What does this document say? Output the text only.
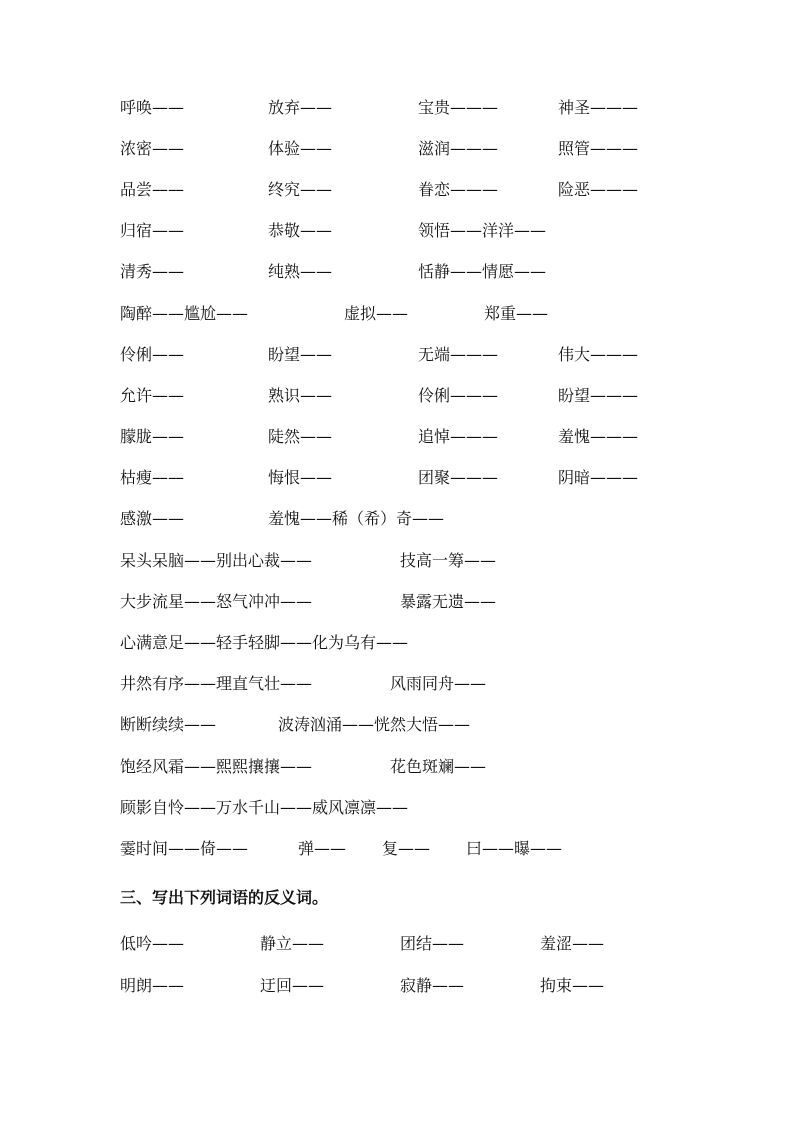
呼唤——	放弃——	宝贵———	神圣———
浓密——	体验——	滋润———	照管———
品尝——	终究——	眷恋———	险恶———
归宿——	恭敬——	领悟——洋洋——
清秀——	纯熟——	恬静——情愿——
陶醉——尴尬——	虚拟——	郑重——
伶俐——	盼望——	无端———	伟大———
允许——	熟识——	伶俐———	盼望———
朦胧——	陡然——	追悼———	羞愧———
枯瘦——	悔恨——	团聚———	阴暗———
感激——	羞愧——稀（希）奇——
呆头呆脑——别出心裁——	技高一筹——
大步流星——怒气冲冲——	暴露无遗——
心满意足——轻手轻脚——化为乌有——
井然有序——理直气壮——	风雨同舟——
断断续续——	波涛汹涌——恍然大悟——
饱经风霜——熙熙攘攘——	花色斑斓——
顾影自怜——万水千山——威风凛凛——
霎时间——倚——	弹—— 复—— 曰——曝——
三、写出下列词语的反义词。
低吟——	静立——	团结——	羞涩——
明朗——	迂回——	寂静——	拘束——
